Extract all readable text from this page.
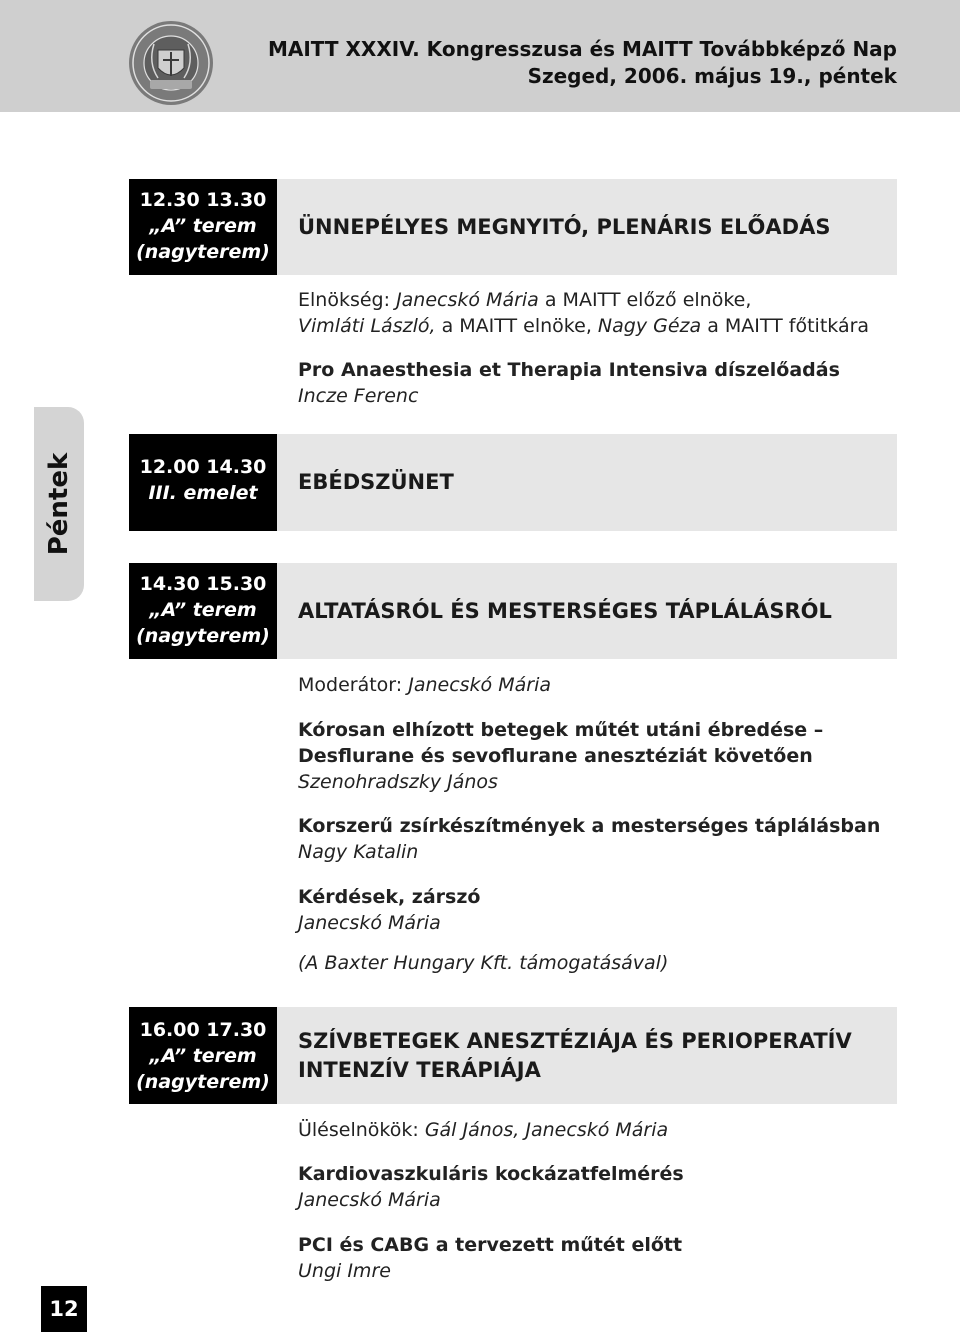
MAITT XXXIV. Kongresszusa és MAITT Továbbképző Nap
Szeged, 2006. május 19., péntek
Péntek
12.30 13.30
„A” terem
(nagyterem)
ÜNNEPÉLYES MEGNYITÓ, PLENÁRIS ELŐADÁS
Elnökség: Janecskó Mária a MAITT előző elnöke,
Vimláti László, a MAITT elnöke, Nagy Géza a MAITT főtitkára
Pro Anaesthesia et Therapia Intensiva díszelőadás
Incze Ferenc
12.00 14.30
III. emelet	EBÉDSZÜNET
14.30 15.30
„A” terem
(nagyterem)
ALTATÁSRÓL ÉS MESTERSÉGES TÁPLÁLÁSRÓL
Moderátor: Janecskó Mária
Kórosan elhízott betegek műtét utáni ébredése –
Desflurane és sevoflurane anesztéziát követően
Szenohradszky János
Korszerű zsírkészítmények a mesterséges táplálásban
Nagy Katalin
Kérdések, zárszó
Janecskó Mária
(A Baxter Hungary Kft. támogatásával)
16.00 17.30
„A” terem
(nagyterem)
SZÍVBETEGEK ANESZTÉZIÁJA ÉS PERIOPERATÍV
INTENZÍV TERÁPIÁJA
Üléselnökök: Gál János, Janecskó Mária
Kardiovaszkuláris kockázatfelmérés
Janecskó Mária
PCI és CABG a tervezett műtét előtt
Ungi Imre
12
